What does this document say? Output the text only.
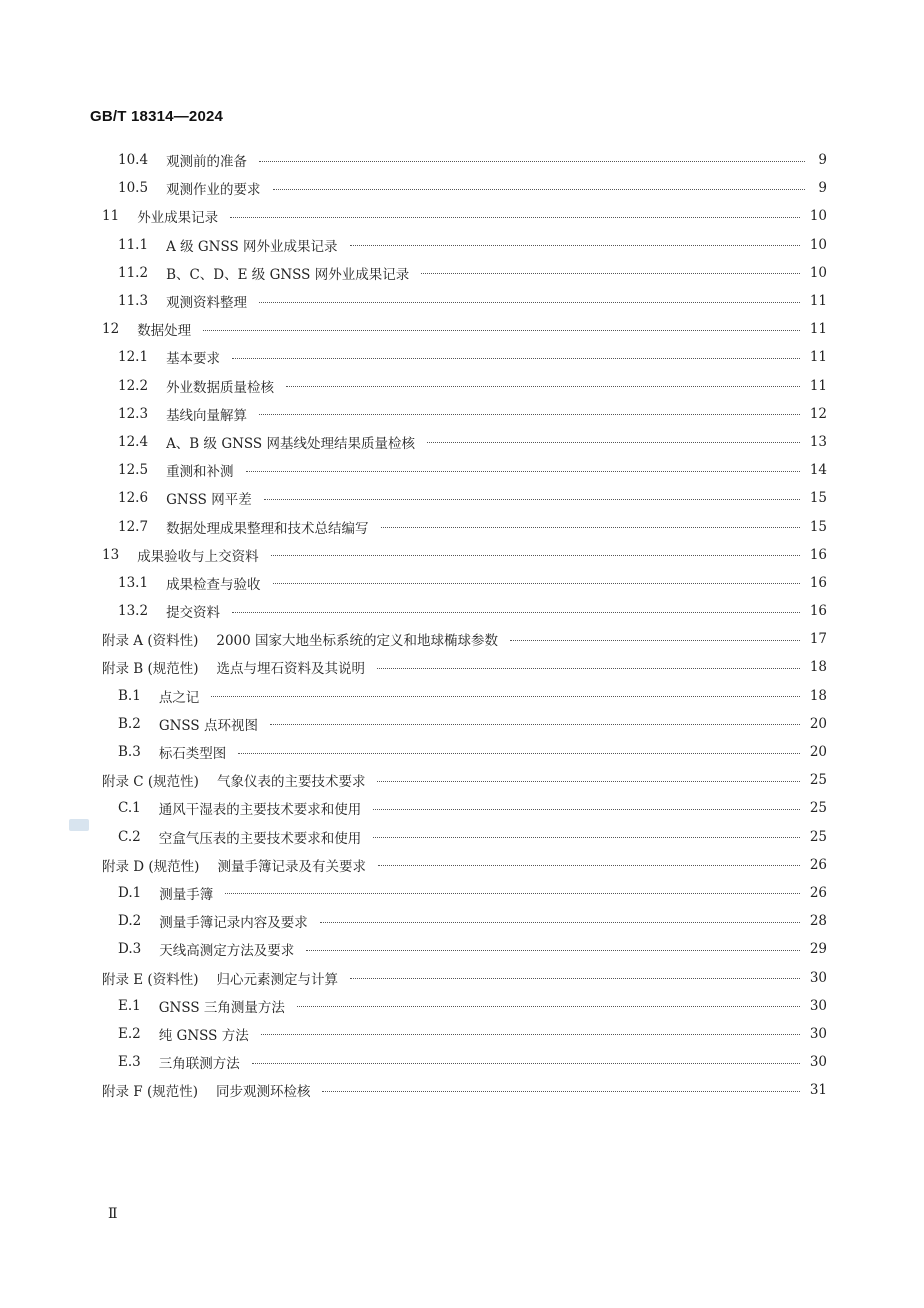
GB/T 18314—2024
10.4 观测前的准备	9
10.5 观测作业的要求	9
11 外业成果记录	10
11.1 A 级 GNSS 网外业成果记录	10
11.2 B、C、D、E 级 GNSS 网外业成果记录	10
11.3 观测资料整理	11
12 数据处理	11
12.1 基本要求	11
12.2 外业数据质量检核	11
12.3 基线向量解算	12
12.4 A、B 级 GNSS 网基线处理结果质量检核	13
12.5 重测和补测	14
12.6 GNSS 网平差	15
12.7 数据处理成果整理和技术总结编写	15
13 成果验收与上交资料	16
13.1 成果检查与验收	16
13.2 提交资料	16
附录 A (资料性) 2000 国家大地坐标系统的定义和地球椭球参数	17
附录 B (规范性) 选点与埋石资料及其说明	18
B.1 点之记	18
B.2 GNSS 点环视图	20
B.3 标石类型图	20
附录 C (规范性) 气象仪表的主要技术要求	25
C.1 通风干湿表的主要技术要求和使用	25
C.2 空盒气压表的主要技术要求和使用	25
附录 D (规范性) 测量手簿记录及有关要求	26
D.1 测量手簿	26
D.2 测量手簿记录内容及要求	28
D.3 天线高测定方法及要求	29
附录 E (资料性) 归心元素测定与计算	30
E.1 GNSS 三角测量方法	30
E.2 纯 GNSS 方法	30
E.3 三角联测方法	30
附录 F (规范性) 同步观测环检核	31
Ⅱ
